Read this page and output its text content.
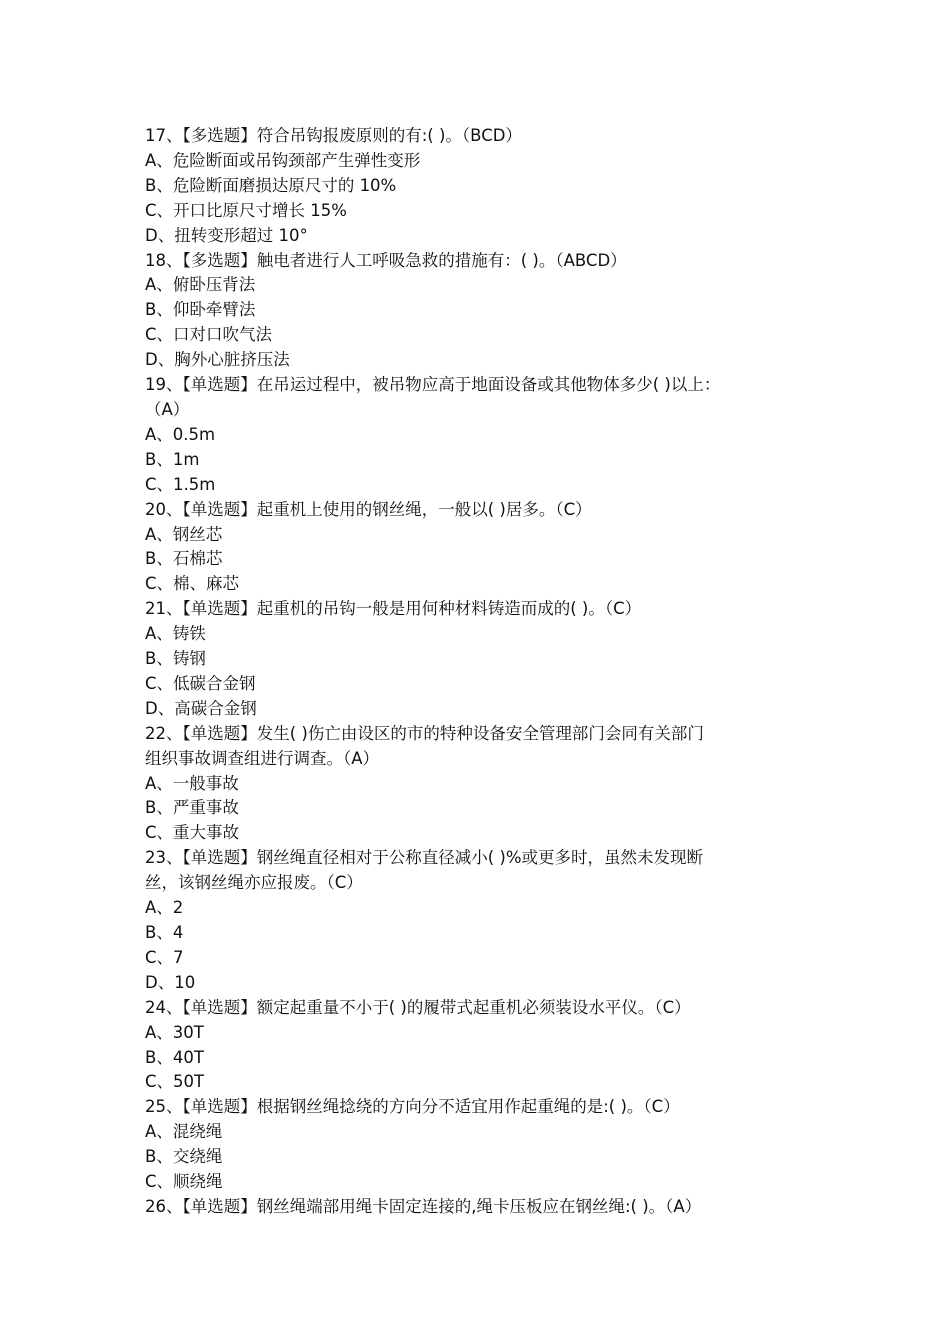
17、【多选题】符合吊钩报废原则的有:( )。（BCD）
A、危险断面或吊钩颈部产生弹性变形
B、危险断面磨损达原尺寸的 10%
C、开口比原尺寸增长 15%
D、扭转变形超过 10°
18、【多选题】触电者进行人工呼吸急救的措施有：( )。（ABCD）
A、俯卧压背法
B、仰卧牵臂法
C、口对口吹气法
D、胸外心脏挤压法
19、【单选题】在吊运过程中，被吊物应高于地面设备或其他物体多少( )以上：
（A）
A、0.5m
B、1m
C、1.5m
20、【单选题】起重机上使用的钢丝绳，一般以( )居多。（C）
A、钢丝芯
B、石棉芯
C、棉、麻芯
21、【单选题】起重机的吊钩一般是用何种材料铸造而成的( )。（C）
A、铸铁
B、铸钢
C、低碳合金钢
D、高碳合金钢
22、【单选题】发生( )伤亡由设区的市的特种设备安全管理部门会同有关部门
组织事故调查组进行调查。（A）
A、一般事故
B、严重事故
C、重大事故
23、【单选题】钢丝绳直径相对于公称直径减小( )%或更多时，虽然未发现断
丝，该钢丝绳亦应报废。（C）
A、2
B、4
C、7
D、10
24、【单选题】额定起重量不小于( )的履带式起重机必须装设水平仪。（C）
A、30T
B、40T
C、50T
25、【单选题】根据钢丝绳捻绕的方向分不适宜用作起重绳的是:( )。（C）
A、混绕绳
B、交绕绳
C、顺绕绳
26、【单选题】钢丝绳端部用绳卡固定连接的,绳卡压板应在钢丝绳:( )。（A）
